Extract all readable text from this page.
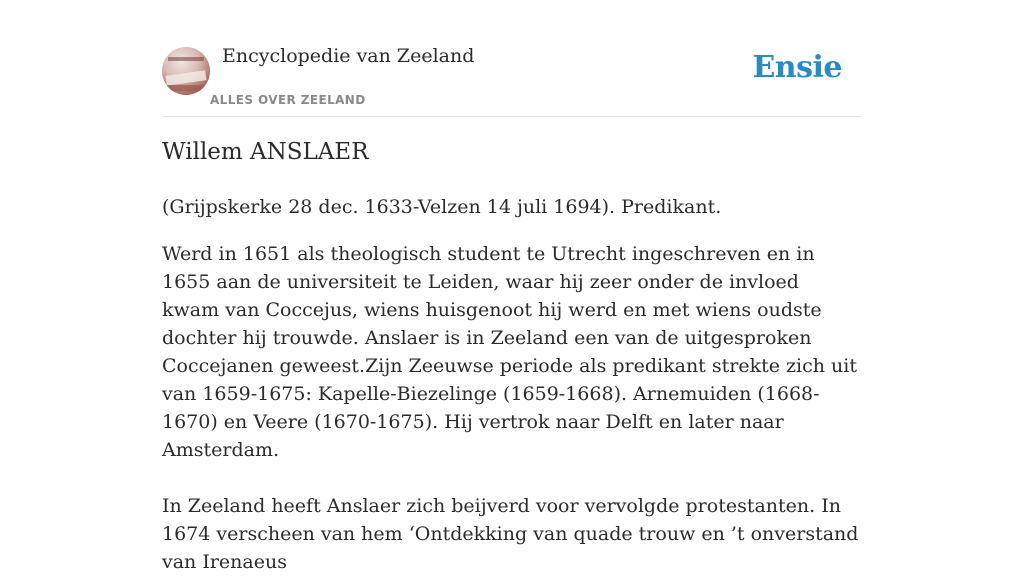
Encyclopedie van Zeeland
ALLES OVER ZEELAND
Ensie
Willem ANSLAER

(Grijpskerke 28 dec. 1633-Velzen 14 juli 1694). Predikant.

Werd in 1651 als theologisch student te Utrecht ingeschreven en in 1655 aan de universiteit te Leiden, waar hij zeer onder de invloed kwam van Coccejus, wiens huisgenoot hij werd en met wiens oudste dochter hij trouwde. Anslaer is in Zeeland een van de uitgesproken Coccejanen geweest.Zijn Zeeuwse periode als predikant strekte zich uit van 1659-1675: Kapelle-Biezelinge (1659-1668). Arnemuiden (1668-1670) en Veere (1670-1675). Hij vertrok naar Delft en later naar Amsterdam.

In Zeeland heeft Anslaer zich beijverd voor vervolgde protestanten. In 1674 verscheen van hem ‘Ontdekking van quade trouw en ’t onverstand van Irenaeus
